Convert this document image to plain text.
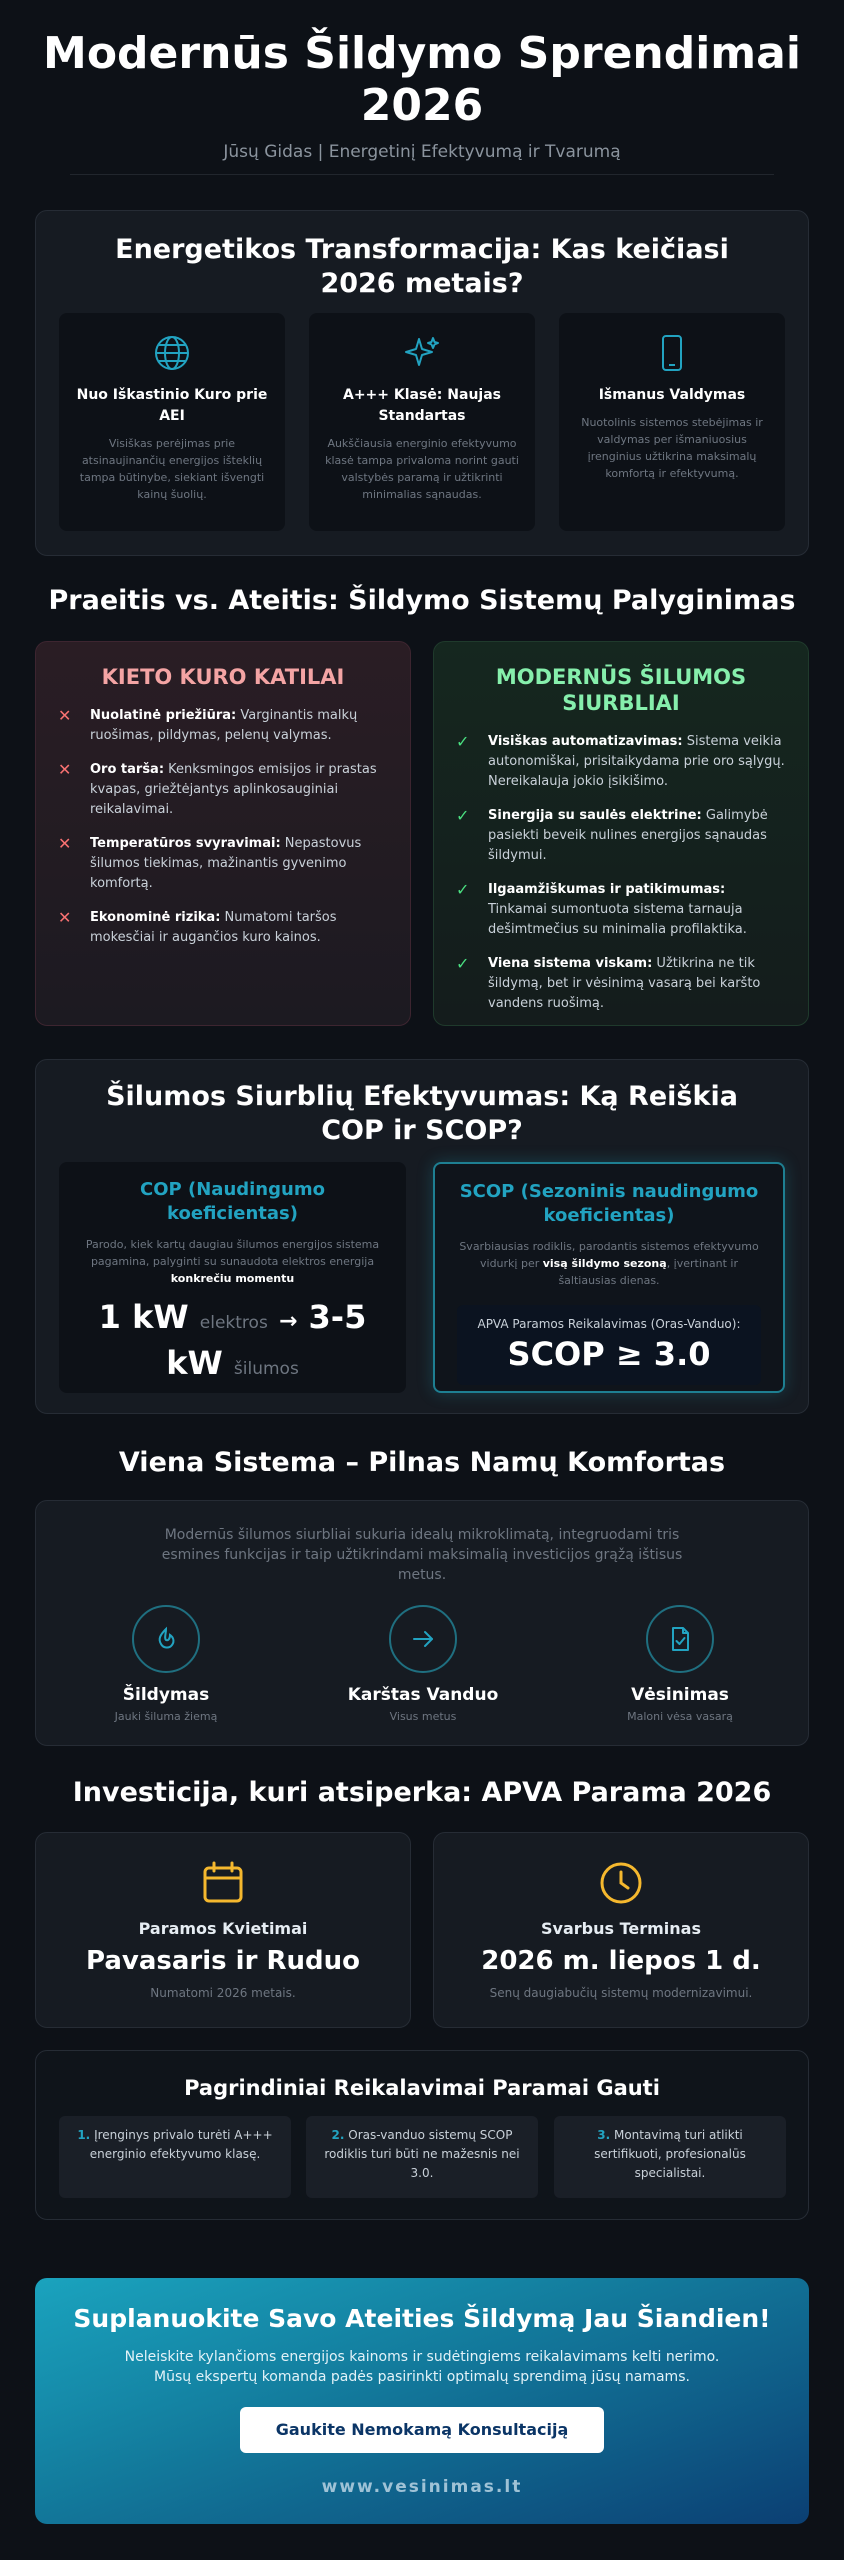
Modernūs Šildymo Sprendimai 2026
Jūsų Gidas | Energetinį Efektyvumą ir Tvarumą
Energetikos Transformacija: Kas keičiasi 2026 metais?
Nuo Iškastinio Kuro prie AEI
Visiškas perėjimas prie atsinaujinančių energijos išteklių tampa būtinybe, siekiant išvengti kainų šuolių.
A+++ Klasė: Naujas Standartas
Aukščiausia energinio efektyvumo klasė tampa privaloma norint gauti valstybės paramą ir užtikrinti minimalias sąnaudas.
Išmanus Valdymas
Nuotolinis sistemos stebėjimas ir valdymas per išmaniuosius įrenginius užtikrina maksimalų komfortą ir efektyvumą.
Praeitis vs. Ateitis: Šildymo Sistemų Palyginimas
KIETO KURO KATILAI
✕	Nuolatinė priežiūra: Varginantis malkų ruošimas, pildymas, pelenų valymas.
✕	Oro tarša: Kenksmingos emisijos ir prastas kvapas, griežtėjantys aplinkosauginiai reikalavimai.
✕	Temperatūros svyravimai: Nepastovus šilumos tiekimas, mažinantis gyvenimo komfortą.
✕	Ekonominė rizika: Numatomi taršos mokesčiai ir augančios kuro kainos.
MODERNŪS ŠILUMOS SIURBLIAI
✓	Visiškas automatizavimas: Sistema veikia autonomiškai, prisitaikydama prie oro sąlygų. Nereikalauja jokio įsikišimo.
✓	Sinergija su saulės elektrine: Galimybė pasiekti beveik nulines energijos sąnaudas šildymui.
✓	Ilgaamžiškumas ir patikimumas: Tinkamai sumontuota sistema tarnauja dešimtmečius su minimalia profilaktika.
✓	Viena sistema viskam: Užtikrina ne tik šildymą, bet ir vėsinimą vasarą bei karšto vandens ruošimą.
Šilumos Siurblių Efektyvumas: Ką Reiškia COP ir SCOP?
COP (Naudingumo koeficientas)
Parodo, kiek kartų daugiau šilumos energijos sistema pagamina, palyginti su sunaudota elektros energija
konkrečiu momentu
1 kW elektros → 3-5 kW šilumos
SCOP (Sezoninis naudingumo koeficientas)
Svarbiausias rodiklis, parodantis sistemos efektyvumo vidurkį per visą šildymo sezoną, įvertinant ir šaltiausias dienas.
APVA Paramos Reikalavimas (Oras-Vanduo):
SCOP ≥ 3.0
Viena Sistema – Pilnas Namų Komfortas
Modernūs šilumos siurbliai sukuria idealų mikroklimatą, integruodami tris esmines funkcijas ir taip užtikrindami maksimalią investicijos grąžą ištisus metus.
Šildymas
Jauki šiluma žiemą
Karštas Vanduo
Visus metus
Vėsinimas
Maloni vėsa vasarą
Investicija, kuri atsiperka: APVA Parama 2026
Paramos Kvietimai
Pavasaris ir Ruduo
Numatomi 2026 metais.
Svarbus Terminas
2026 m. liepos 1 d.
Senų daugiabučių sistemų modernizavimui.
Pagrindiniai Reikalavimai Paramai Gauti
1. Įrenginys privalo turėti A+++ energinio efektyvumo klasę.
2. Oras-vanduo sistemų SCOP rodiklis turi būti ne mažesnis nei 3.0.
3. Montavimą turi atlikti sertifikuoti, profesionalūs specialistai.
Suplanuokite Savo Ateities Šildymą Jau Šiandien!
Neleiskite kylančioms energijos kainoms ir sudėtingiems reikalavimams kelti nerimo. Mūsų ekspertų komanda padės pasirinkti optimalų sprendimą jūsų namams.
Gaukite Nemokamą Konsultaciją
www.vesinimas.lt
